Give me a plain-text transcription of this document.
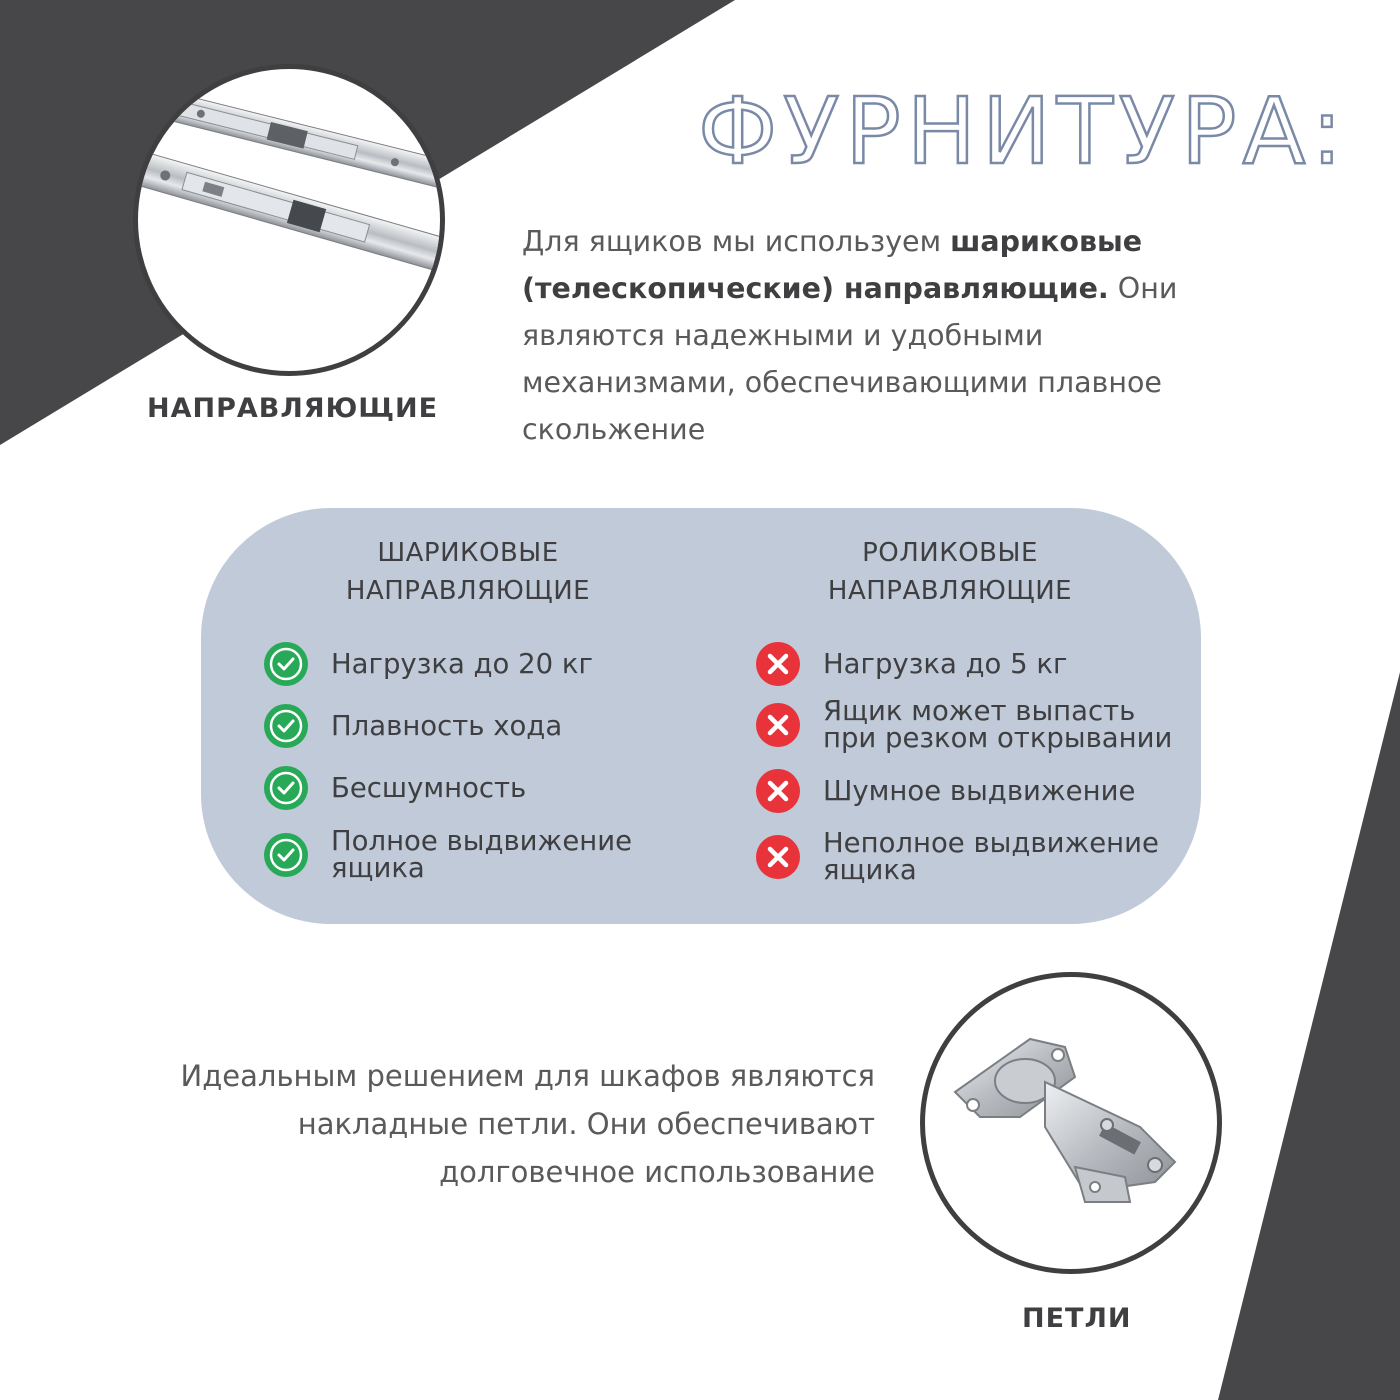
ФУРНИТУРА:
НАПРАВЛЯЮЩИЕ
Для ящиков мы используем шариковые (телескопические) направляющие. Они являются надежными и удобными механизмами, обеспечивающими плавное скольжение
ШАРИКОВЫЕ
НАПРАВЛЯЮЩИЕ
РОЛИКОВЫЕ
НАПРАВЛЯЮЩИЕ
Нагрузка до 20 кг
Плавность хода
Бесшумность
Полное выдвижение
ящика
Нагрузка до 5 кг
Ящик может выпасть
при резком открывании
Шумное выдвижение
Неполное выдвижение
ящика
Идеальным решением для шкафов являются
накладные петли. Они обеспечивают
долговечное использование
ПЕТЛИ
